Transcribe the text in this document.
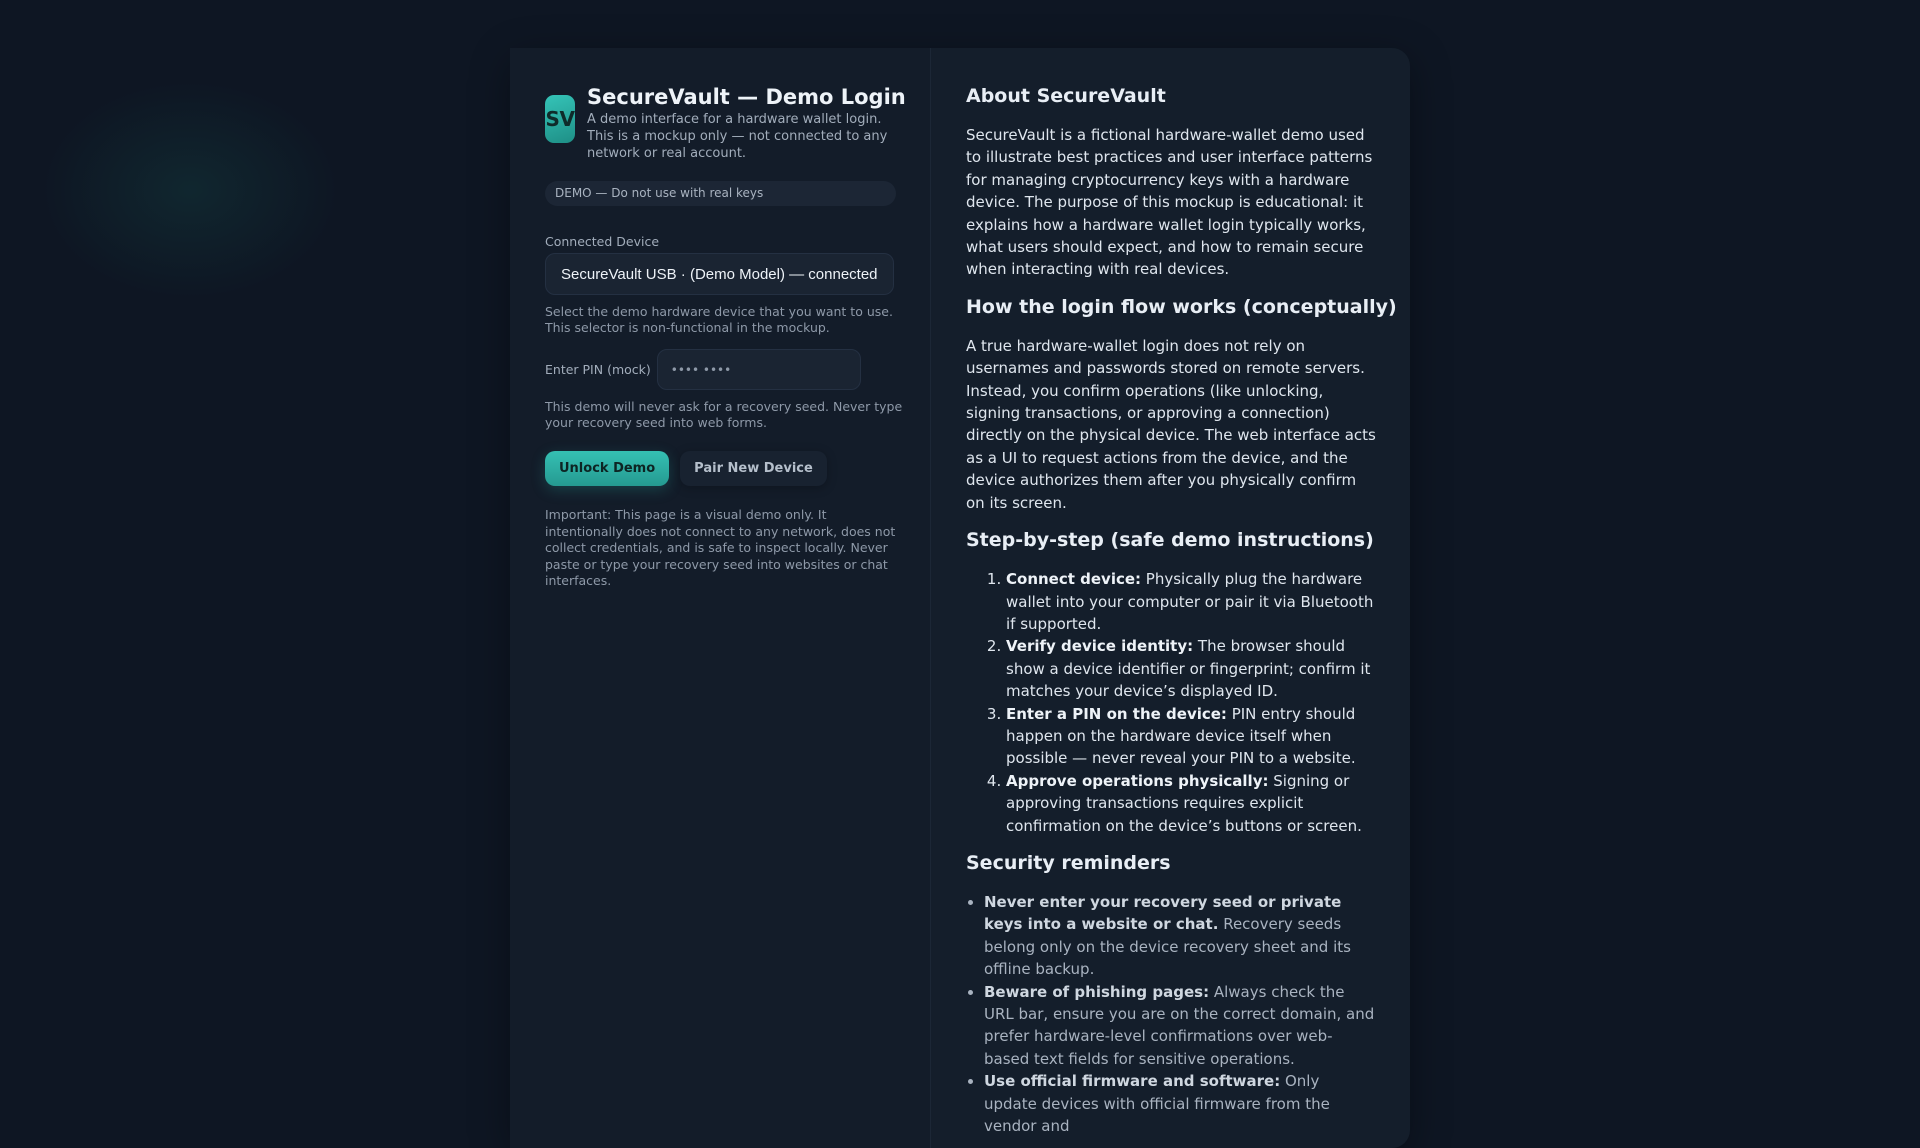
SV
SecureVault — Demo Login
A demo interface for a hardware wallet login. This is a mockup only — not connected to any network or real account.
DEMO — Do not use with real keys
Connected Device
SecureVault USB · (Demo Model) — connected
Select the demo hardware device that you want to use. This selector is non-functional in the mockup.
Enter PIN (mock) •••• ••••
This demo will never ask for a recovery seed. Never type your recovery seed into web forms.
Unlock Demo	Pair New Device
Important: This page is a visual demo only. It intentionally does not connect to any network, does not collect credentials, and is safe to inspect locally. Never paste or type your recovery seed into websites or chat interfaces.
About SecureVault

SecureVault is a fictional hardware-wallet demo used to illustrate best practices and user interface patterns for managing cryptocurrency keys with a hardware device. The purpose of this mockup is educational: it explains how a hardware wallet login typically works, what users should expect, and how to remain secure when interacting with real devices.

How the login flow works (conceptually)

A true hardware-wallet login does not rely on usernames and passwords stored on remote servers. Instead, you confirm operations (like unlocking, signing transactions, or approving a connection) directly on the physical device. The web interface acts as a UI to request actions from the device, and the device authorizes them after you physically confirm on its screen.

Step-by-step (safe demo instructions)
1. Connect device: Physically plug the hardware wallet into your computer or pair it via Bluetooth if supported.
2. Verify device identity: The browser should show a device identifier or fingerprint; confirm it matches your device’s displayed ID.
3. Enter a PIN on the device: PIN entry should happen on the hardware device itself when possible — never reveal your PIN to a website.
4. Approve operations physically: Signing or approving transactions requires explicit confirmation on the device’s buttons or screen.
Security reminders
• Never enter your recovery seed or private keys into a website or chat. Recovery seeds belong only on the device recovery sheet and its offline backup.
• Beware of phishing pages: Always check the URL bar, ensure you are on the correct domain, and prefer hardware-level confirmations over web-based text fields for sensitive operations.
• Use official firmware and software: Only update devices with official firmware from the vendor and
